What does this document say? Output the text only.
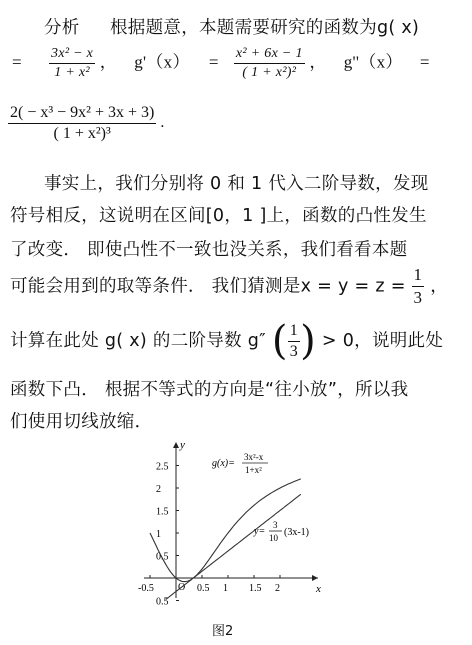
分析 根据题意，本题需要研究的函数为g( x)
= $\frac{\text{3x² − x}}{\text{1 + x²}}$ ， $g'(x) = \frac{\text{x² + 6x − 1}}{\text{( 1 + x²)²}}$ ， g''（x） =
$\frac{\text{2( − x³ − 9x² + 3x + 3)}}{\text{( 1 + x²)³}}$ .
事实上，我们分别将 0 和 1 代入二阶导数，发现
符号相反，这说明在区间[0，1 ]上，函数的凸性发生
了改变． 即使凸性不一致也没关系，我们看看本题
可能会用到的取等条件． 我们猜测是$x = y = z = \frac{1}{3}$ ，
计算在此处 g( x) 的二阶导数 g″ ( $\frac{1}{3}$ ) > 0，说明此处
函数下凸． 根据不等式的方向是“往小放”，所以我
们使用切线放缩．
y
x
O
-0.5	0.5 1 1.5 2
2.5
2
1.5
1
0.5
0.5
g(x)=
3x²-x
1+x²
y=
3
10 (3x-1)
图2
